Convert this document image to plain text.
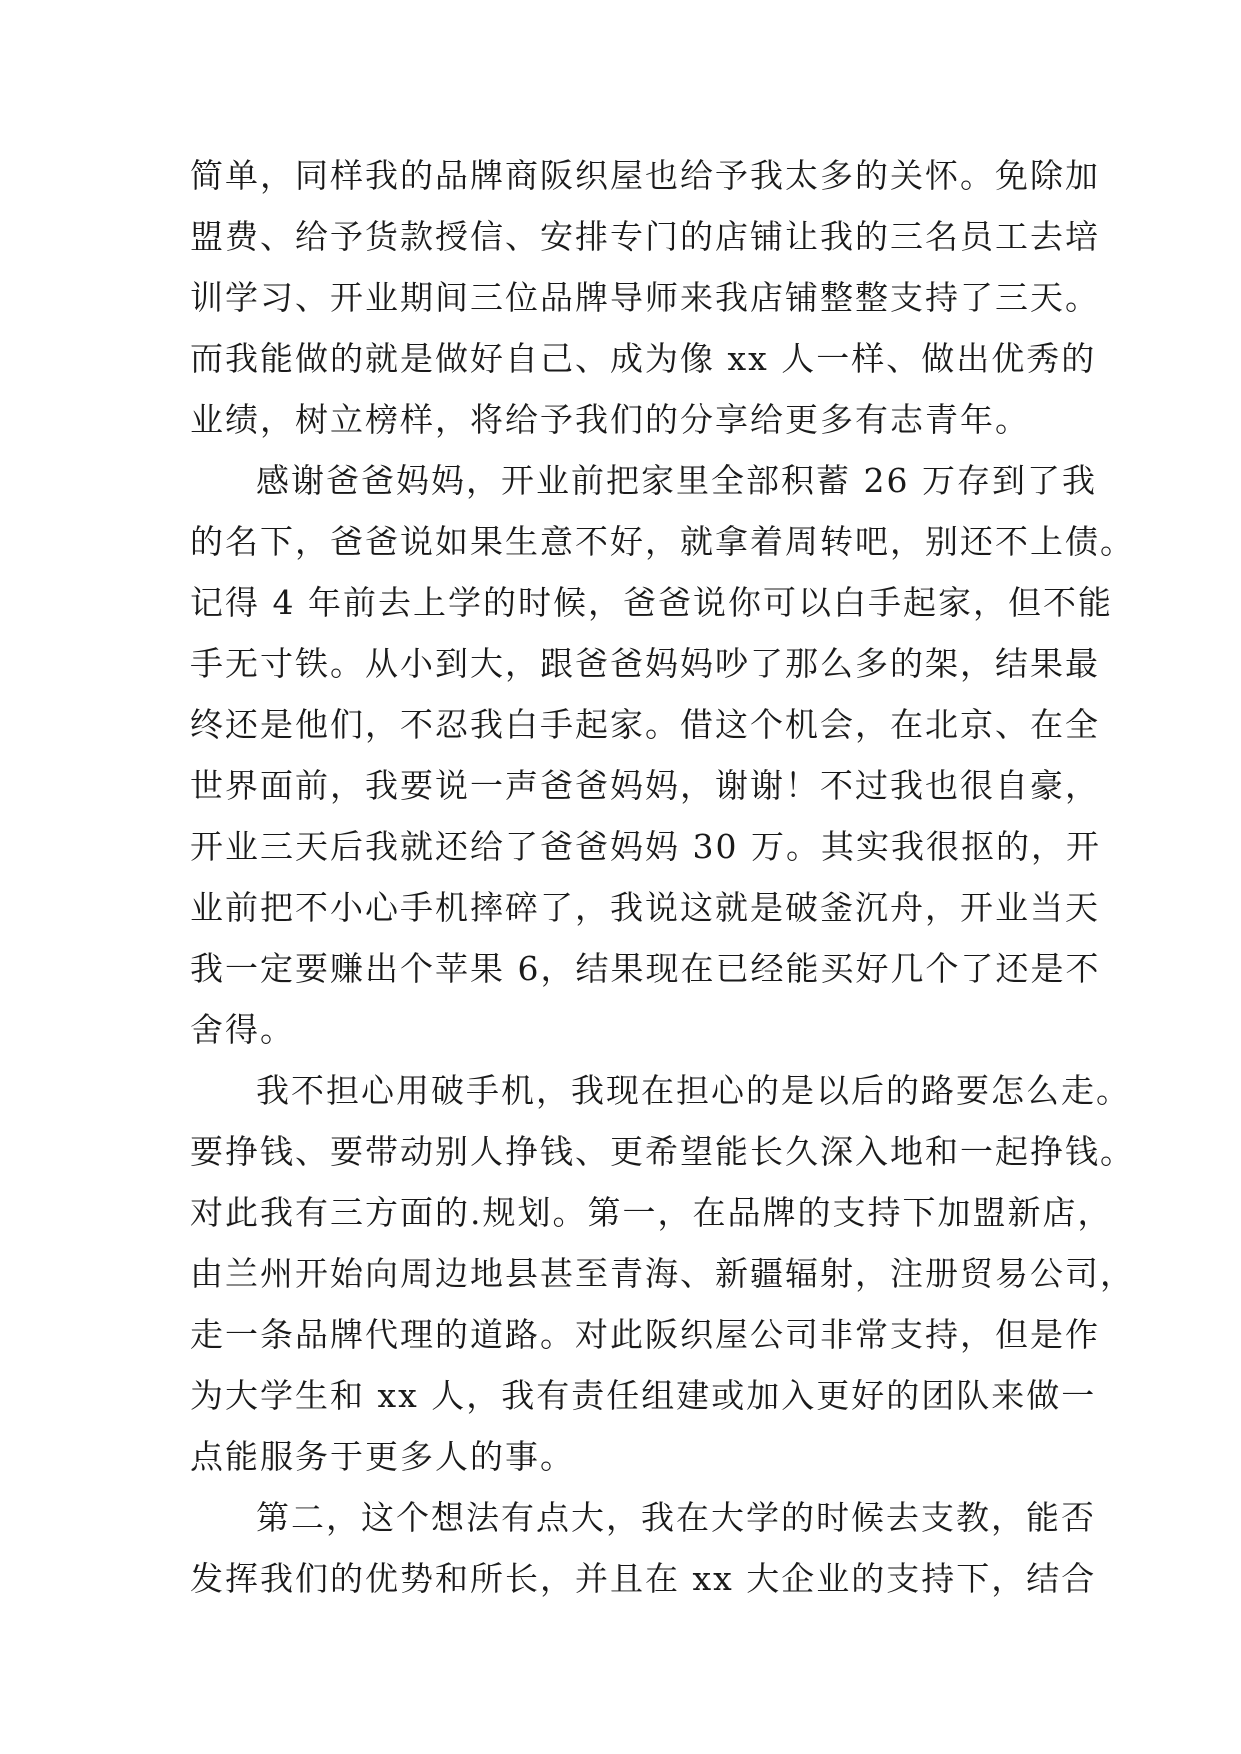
简单，同样我的品牌商阪织屋也给予我太多的关怀。免除加
盟费、给予货款授信、安排专门的店铺让我的三名员工去培
训学习、开业期间三位品牌导师来我店铺整整支持了三天。
而我能做的就是做好自己、成为像 xx 人一样、做出优秀的
业绩，树立榜样，将给予我们的分享给更多有志青年。
感谢爸爸妈妈，开业前把家里全部积蓄 26 万存到了我
的名下，爸爸说如果生意不好，就拿着周转吧，别还不上债。
记得 4 年前去上学的时候，爸爸说你可以白手起家，但不能
手无寸铁。从小到大，跟爸爸妈妈吵了那么多的架，结果最
终还是他们，不忍我白手起家。借这个机会，在北京、在全
世界面前，我要说一声爸爸妈妈，谢谢！不过我也很自豪，
开业三天后我就还给了爸爸妈妈 30 万。其实我很抠的，开
业前把不小心手机摔碎了，我说这就是破釜沉舟，开业当天
我一定要赚出个苹果 6，结果现在已经能买好几个了还是不
舍得。
我不担心用破手机，我现在担心的是以后的路要怎么走。
要挣钱、要带动别人挣钱、更希望能长久深入地和一起挣钱。
对此我有三方面的.规划。第一，在品牌的支持下加盟新店，
由兰州开始向周边地县甚至青海、新疆辐射，注册贸易公司，
走一条品牌代理的道路。对此阪织屋公司非常支持，但是作
为大学生和 xx 人，我有责任组建或加入更好的团队来做一
点能服务于更多人的事。
第二，这个想法有点大，我在大学的时候去支教，能否
发挥我们的优势和所长，并且在 xx 大企业的支持下，结合
